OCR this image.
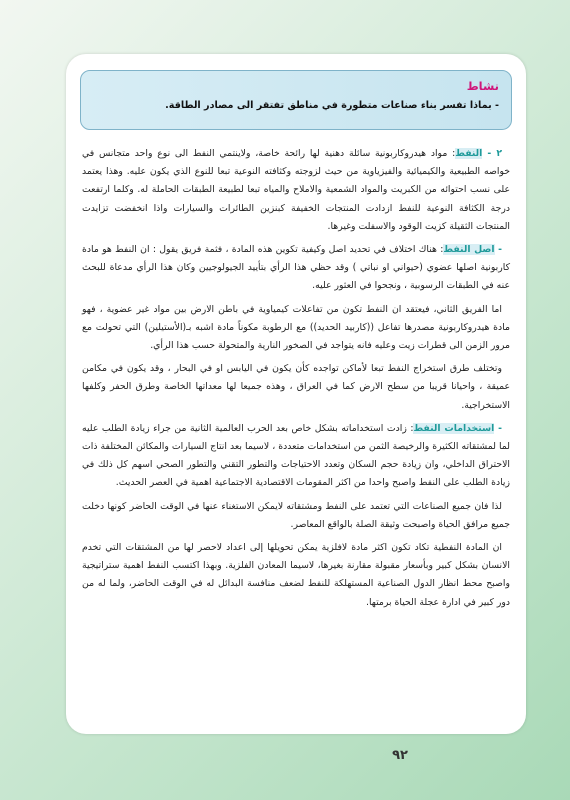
نشاط
- بماذا تفسر بناء صناعات متطورة في مناطق تفتقر الى مصادر الطاقة.

٢ - النفط: مواد هيدروكاربونية سائلة دهنية لها رائحة خاصة، ولاينتمي النفط الى نوع واحد متجانس في خواصه الطبيعية والكيميائية والفيزياوية من حيث لزوجته وكثافته النوعية تبعا للنوع الذي يكون عليه. وهذا يعتمد على نسب احتوائه من الكبريت والمواد الشمعية والاملاح والمياه تبعا لطبيعة الطبقات الحاملة له. وكلما ارتفعت درجة الكثافة النوعية للنفط ازدادت المنتجات الخفيفة كبنزين الطائرات والسيارات واذا انخفضت تزايدت المنتجات الثقيلة كزيت الوقود والاسفلت وغيرها.

- اصل النفط: هناك اختلاف في تحديد اصل وكيفية تكوين هذه المادة ، فثمة فريق يقول : ان النفط هو مادة كاربونية اصلها عضوي (حيواني او نباتي ) وقد حظي هذا الرأي بتأييد الجيولوجيين وكان هذا الرأي مدعاة للبحث عنه في الطبقات الرسوبية ، ونجحوا في العثور عليه.

اما الفريق الثاني، فيعتقد ان النفط تكون من تفاعلات كيمياوية في باطن الارض بين مواد غير عضوية ، فهو مادة هيدروكاربونية مصدرها تفاعل ((كاربيد الحديد)) مع الرطوبة مكوناً مادة اشبه بـ(الأستيلين) التي تحولت مع مرور الزمن الى قطرات زيت وعليه فانه يتواجد في الصخور النارية والمتحولة حسب هذا الرأي.

وتختلف طرق استخراج النفط تبعا لأماكن تواجده كأن يكون في اليابس او في البحار ، وقد يكون في مكامن عميقة ، واحيانا قريبا من سطح الارض كما في العراق ، وهذه جميعا لها معداتها الخاصة وطرق الحفر وكلفها الاستخراجية.

- استخدامات النفط: زادت استخداماته بشكل خاص بعد الحرب العالمية الثانية من جراء زيادة الطلب عليه لما لمشتقاته الكثيرة والرخيصة الثمن من استخدامات متعددة ، لاسيما بعد انتاج السيارات والمكائن المختلفة ذات الاحتراق الداخلي، وان زيادة حجم السكان وتعدد الاحتياجات والتطور التقني والتطور الصحي اسهم كل ذلك في زيادة الطلب على النفط واصبح واحدا من اكثر المقومات الاقتصادية الاجتماعية اهمية في العصر الحديث.

لذا فان جميع الصناعات التي تعتمد على النفط ومشتقاته لايمكن الاستغناء عنها في الوقت الحاضر كونها دخلت جميع مرافق الحياة واصبحت وثيقة الصلة بالواقع المعاصر.

ان المادة النفطية تكاد تكون اكثر مادة لافلزية يمكن تحويلها إلى اعداد لاحصر لها من المشتقات التي تخدم الانسان بشكل كبير وبأسعار مقبولة مقارنة بغيرها، لاسيما المعادن الفلزية. وبهذا اكتسب النفط اهمية ستراتيجية واصبح محط انظار الدول الصناعية المستهلكة للنفط لضعف منافسة البدائل له في الوقت الحاضر، ولما له من دور كبير في ادارة عجلة الحياة برمتها.

٩٢
